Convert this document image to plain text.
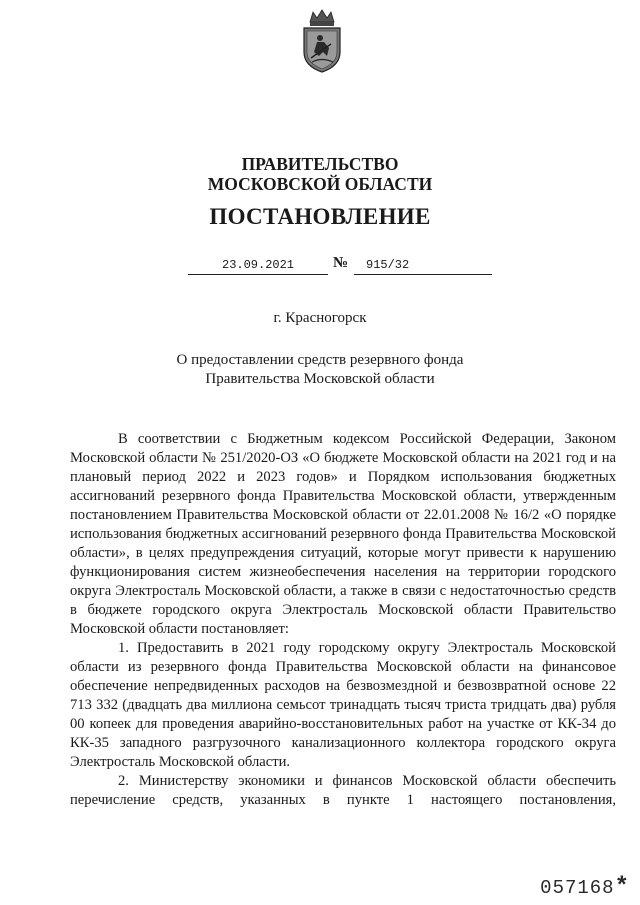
ПРАВИТЕЛЬСТВО
МОСКОВСКОЙ ОБЛАСТИ
ПОСТАНОВЛЕНИЕ
23.09.2021	№ 915/32
г. Красногорск
О предоставлении средств резервного фонда
Правительства Московской области

В соответствии с Бюджетным кодексом Российской Федерации, Законом Московской области № 251/2020-ОЗ «О бюджете Московской области на 2021 год и на плановый период 2022 и 2023 годов» и Порядком использования бюджетных ассигнований резервного фонда Правительства Московской области, утвержденным постановлением Правительства Московской области от 22.01.2008 № 16/2 «О порядке использования бюджетных ассигнований резервного фонда Правительства Московской области», в целях предупреждения ситуаций, которые могут привести к нарушению функционирования систем жизнеобеспечения населения на территории городского округа Электросталь Московской области, а также в связи с недостаточностью средств в бюджете городского округа Электросталь Московской области Правительство Московской области постановляет:

1. Предоставить в 2021 году городскому округу Электросталь Московской области из резервного фонда Правительства Московской области на финансовое обеспечение непредвиденных расходов на безвозмездной и безвозвратной основе 22 713 332 (двадцать два миллиона семьсот тринадцать тысяч триста тридцать два) рубля 00 копеек для проведения аварийно-восстановительных работ на участке от КК-34 до КК-35 западного разгрузочного канализационного коллектора городского округа Электросталь Московской области.

2. Министерству экономики и финансов Московской области обеспечить перечисление средств, указанных в пункте 1 настоящего постановления,

057168*
